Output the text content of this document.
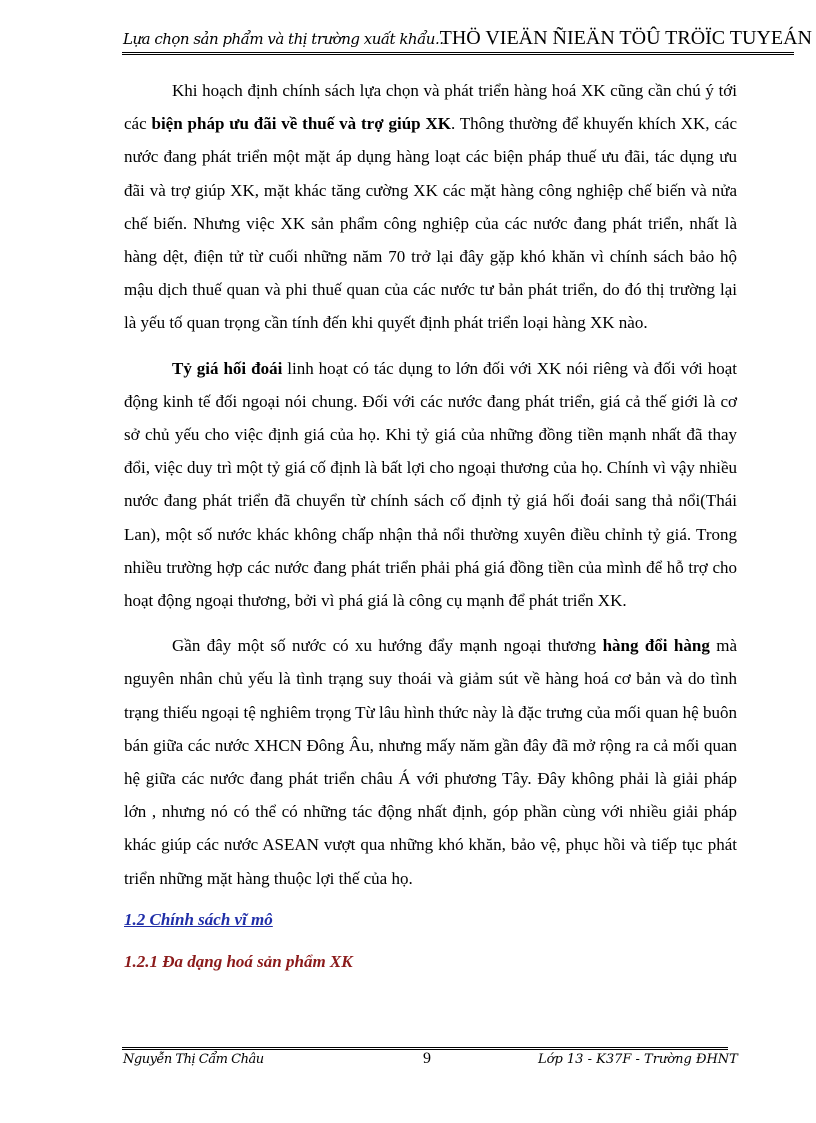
Lựa chọn sản phẩm và thị trường xuất khẩu...
THÖ VIEÄN ÑIEÄN TÖÛ TRÖÏC TUYEÁN

Khi hoạch định chính sách lựa chọn và phát triển hàng hoá XK cũng cần chú ý tới các biện pháp ưu đãi về thuế và trợ giúp XK. Thông thường để khuyến khích XK, các nước đang phát triển một mặt áp dụng hàng loạt các biện pháp thuế ưu đãi, tác dụng ưu đãi và trợ giúp XK, mặt khác tăng cường XK các mặt hàng công nghiệp chế biến và nửa chế biến. Nhưng việc XK sản phẩm công nghiệp của các nước đang phát triển, nhất là hàng dệt, điện tử từ cuối những năm 70 trở lại đây gặp khó khăn vì chính sách bảo hộ mậu dịch thuế quan và phi thuế quan của các nước tư bản phát triển, do đó thị trường lại là yếu tố quan trọng cần tính đến khi quyết định phát triển loại hàng XK nào.

Tỷ giá hối đoái linh hoạt có tác dụng to lớn đối với XK nói riêng và đối với hoạt động kinh tế đối ngoại nói chung. Đối với các nước đang phát triển, giá cả thế giới là cơ sở chủ yếu cho việc định giá của họ. Khi tỷ giá của những đồng tiền mạnh nhất đã thay đổi, việc duy trì một tỷ giá cố định là bất lợi cho ngoại thương của họ. Chính vì vậy nhiều nước đang phát triển đã chuyển từ chính sách cố định tỷ giá hối đoái sang thả nổi(Thái Lan), một số nước khác không chấp nhận thả nổi thường xuyên điều chỉnh tỷ giá. Trong nhiều trường hợp các nước đang phát triển phải phá giá đồng tiền của mình để hỗ trợ cho hoạt động ngoại thương, bởi vì phá giá là công cụ mạnh để phát triển XK.

Gần đây một số nước có xu hướng đẩy mạnh ngoại thương hàng đổi hàng mà nguyên nhân chủ yếu là tình trạng suy thoái và giảm sút về hàng hoá cơ bản và do tình trạng thiếu ngoại tệ nghiêm trọng Từ lâu hình thức này là đặc trưng của mối quan hệ buôn bán giữa các nước XHCN Đông Âu, nhưng mấy năm gần đây đã mở rộng ra cả mối quan hệ giữa các nước đang phát triển châu Á với phương Tây. Đây không phải là giải pháp lớn , nhưng nó có thể có những tác động nhất định, góp phần cùng với nhiều giải pháp khác giúp các nước ASEAN vượt qua những khó khăn, bảo vệ, phục hồi và tiếp tục phát triển những mặt hàng thuộc lợi thế của họ.

1.2 Chính sách vĩ mô
1.2.1 Đa dạng hoá sản phẩm XK
Nguyễn Thị Cẩm Châu	9	Lớp 13 - K37F - Trường ĐHNT
